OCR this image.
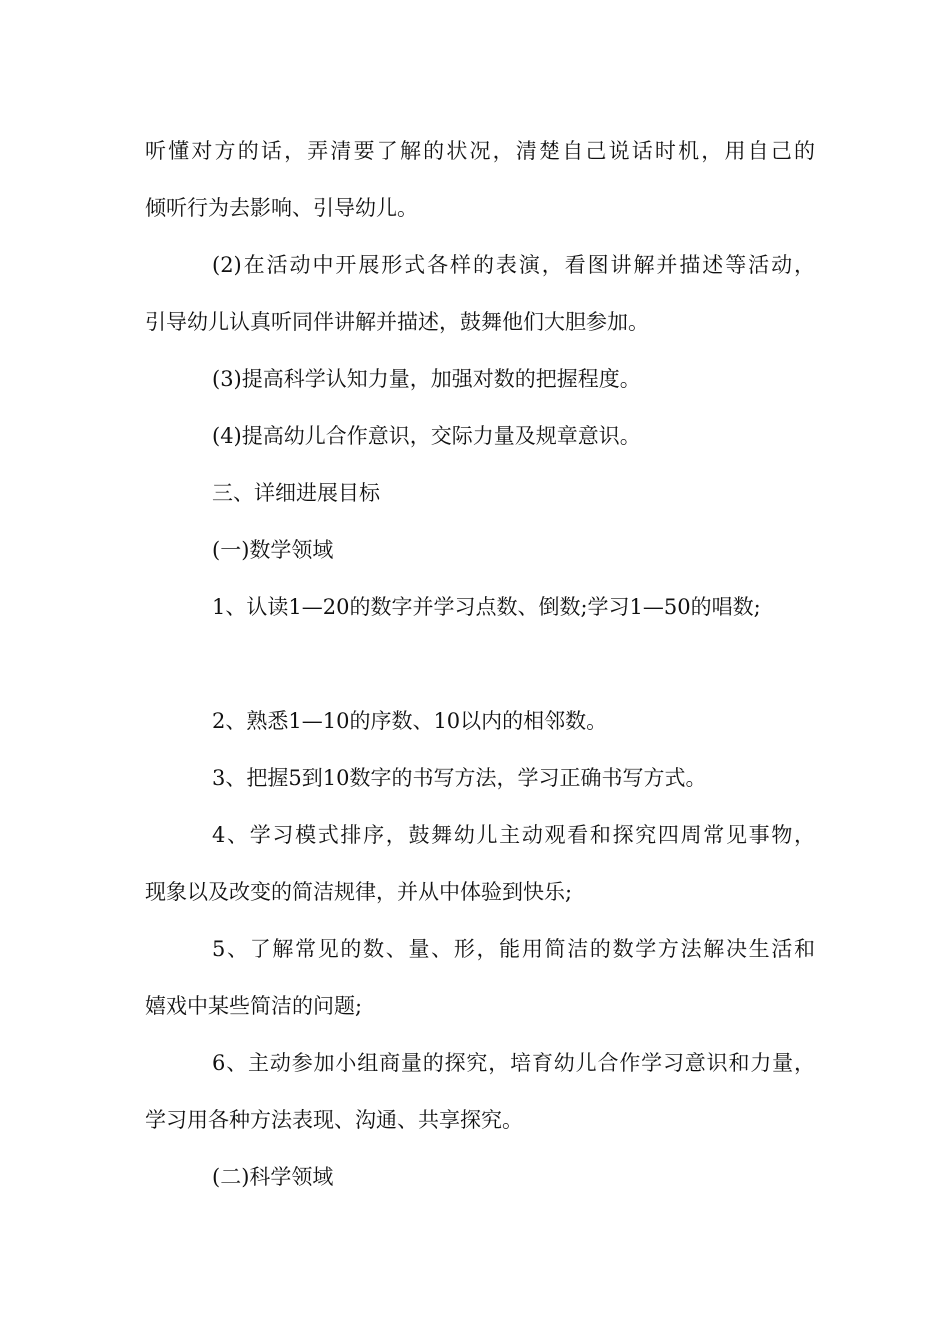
听懂对方的话，弄清要了解的状况，清楚自己说话时机，用自己的
倾听行为去影响、引导幼儿。
(2)在活动中开展形式各样的表演，看图讲解并描述等活动，
引导幼儿认真听同伴讲解并描述，鼓舞他们大胆参加。
(3)提高科学认知力量，加强对数的把握程度。
(4)提高幼儿合作意识，交际力量及规章意识。
三、详细进展目标
(一)数学领域
1、认读1—20的数字并学习点数、倒数;学习1—50的唱数;
2、熟悉1—10的序数、10以内的相邻数。
3、把握5到10数字的书写方法，学习正确书写方式。
4、学习模式排序，鼓舞幼儿主动观看和探究四周常见事物，
现象以及改变的简洁规律，并从中体验到快乐;
5、了解常见的数、量、形，能用简洁的数学方法解决生活和
嬉戏中某些简洁的问题;
6、主动参加小组商量的探究，培育幼儿合作学习意识和力量，
学习用各种方法表现、沟通、共享探究。
(二)科学领域
